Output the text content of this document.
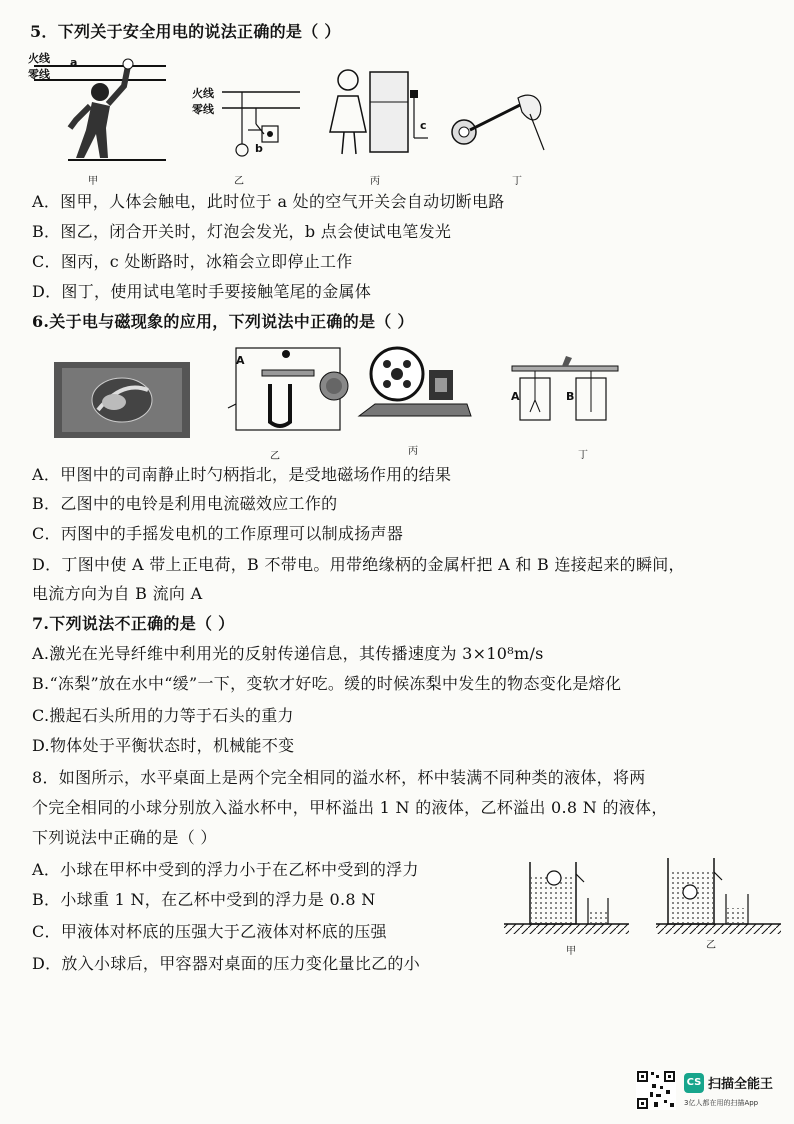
5．下列关于安全用电的说法正确的是（ ）
火线
零线
a
甲
火线
零线
b
乙
c
丙	丁
A．图甲，人体会触电，此时位于 a 处的空气开关会自动切断电路
B．图乙，闭合开关时，灯泡会发光，b 点会使试电笔发光
C．图丙，c 处断路时，冰箱会立即停止工作
D．图丁，使用试电笔时手要接触笔尾的金属体
6.关于电与磁现象的应用，下列说法中正确的是（ ）
A
乙	丙
A	B
丁
A．甲图中的司南静止时勺柄指北，是受地磁场作用的结果
B．乙图中的电铃是利用电流磁效应工作的
C．丙图中的手摇发电机的工作原理可以制成扬声器
D．丁图中使 A 带上正电荷，B 不带电。用带绝缘柄的金属杆把 A 和 B 连接起来的瞬间，
电流方向为自 B 流向 A
7.下列说法不正确的是（ ）
A.激光在光导纤维中利用光的反射传递信息，其传播速度为 3×10⁸m/s
B.“冻梨”放在水中“缓”一下，变软才好吃。缓的时候冻梨中发生的物态变化是熔化
C.搬起石头所用的力等于石头的重力
D.物体处于平衡状态时，机械能不变
8．如图所示，水平桌面上是两个完全相同的溢水杯，杯中装满不同种类的液体，将两
个完全相同的小球分别放入溢水杯中，甲杯溢出 1 N 的液体，乙杯溢出 0.8 N 的液体，
下列说法中正确的是（ ）
A．小球在甲杯中受到的浮力小于在乙杯中受到的浮力
B．小球重 1 N，在乙杯中受到的浮力是 0.8 N
C．甲液体对杯底的压强大于乙液体对杯底的压强
D．放入小球后，甲容器对桌面的压力变化量比乙的小
甲
乙
CS 扫描全能王
3亿人都在用的扫描App
